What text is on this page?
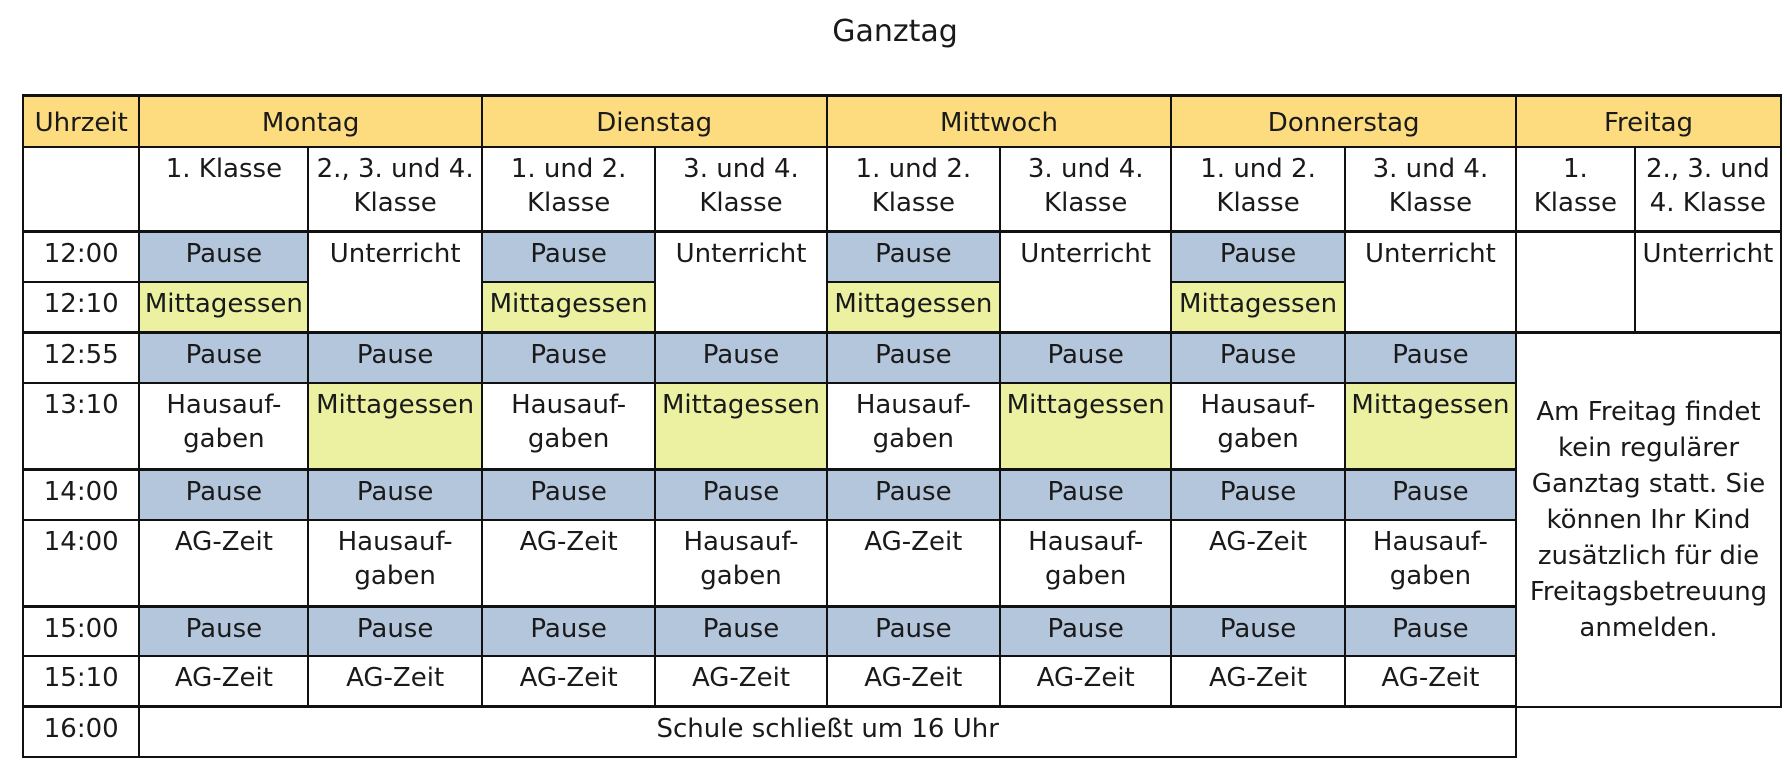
Ganztag
Uhrzeit	Montag		Dienstag		Mittwoch		Donnerstag		Freitag	
	1. Klasse	2., 3. und 4. Klasse	1. und 2. Klasse	3. und 4. Klasse	1. und 2. Klasse	3. und 4. Klasse	1. und 2. Klasse	3. und 4. Klasse	1. Klasse	2., 3. und 4. Klasse
12:00	Pause	Unterricht	Pause	Unterricht	Pause	Unterricht	Pause	Unterricht		Unterricht
12:10	Mittagessen		Mittagessen		Mittagessen		Mittagessen			
12:55	Pause	Pause	Pause	Pause	Pause	Pause	Pause	Pause	Am Freitag findet kein regulärer Ganztag statt. Sie können Ihr Kind zusätzlich für die Freitagsbetreuung anmelden.	
13:10	Hausauf-gaben	Mittagessen	Hausauf-gaben	Mittagessen	Hausauf-gaben	Mittagessen	Hausauf-gaben	Mittagessen		
14:00	Pause	Pause	Pause	Pause	Pause	Pause	Pause	Pause		
14:00	AG-Zeit	Hausauf-gaben	AG-Zeit	Hausauf-gaben	AG-Zeit	Hausauf-gaben	AG-Zeit	Hausauf-gaben		
15:00	Pause	Pause	Pause	Pause	Pause	Pause	Pause	Pause		
15:10	AG-Zeit	AG-Zeit	AG-Zeit	AG-Zeit	AG-Zeit	AG-Zeit	AG-Zeit	AG-Zeit		
16:00	Schule schließt um 16 Uhr									
